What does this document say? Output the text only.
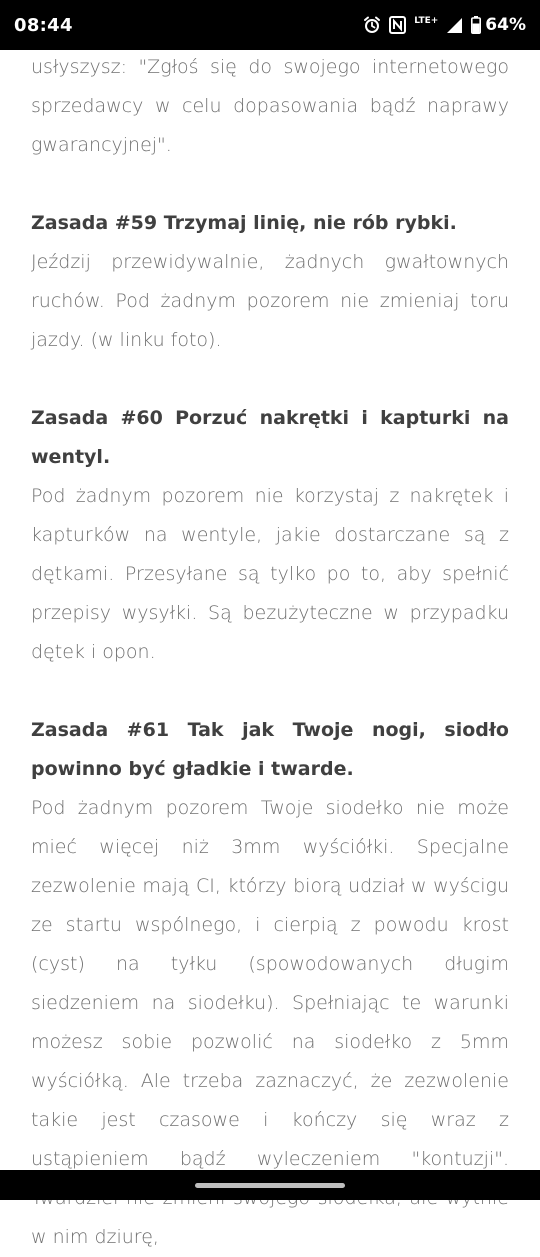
08:44	LTE+	64%

usłyszysz: "Zgłoś się do swojego internetowego sprzedawcy w celu dopasowania bądź naprawy gwarancyjnej".

Zasada #59 Trzymaj linię, nie rób rybki.

Jeździj przewidywalnie, żadnych gwałtownych ruchów. Pod żadnym pozorem nie zmieniaj toru jazdy. (w linku foto).

Zasada #60 Porzuć nakrętki i kapturki na wentyl.

Pod żadnym pozorem nie korzystaj z nakrętek i kapturków na wentyle, jakie dostarczane są z dętkami. Przesyłane są tylko po to, aby spełnić przepisy wysyłki. Są bezużyteczne w przypadku dętek i opon.

Zasada #61 Tak jak Twoje nogi, siodło powinno być gładkie i twarde.

Pod żadnym pozorem Twoje siodełko nie może mieć więcej niż 3mm wyściółki. Specjalne zezwolenie mają CI, którzy biorą udział w wyścigu ze startu wspólnego, i cierpią z powodu krost (cyst) na tyłku (spowodowanych długim siedzeniem na siodełku). Spełniając te warunki możesz sobie pozwolić na siodełko z 5mm wyściółką. Ale trzeba zaznaczyć, że zezwolenie takie jest czasowe i kończy się wraz z ustąpieniem bądź wyleczeniem "kontuzji". w nim dziurę,
